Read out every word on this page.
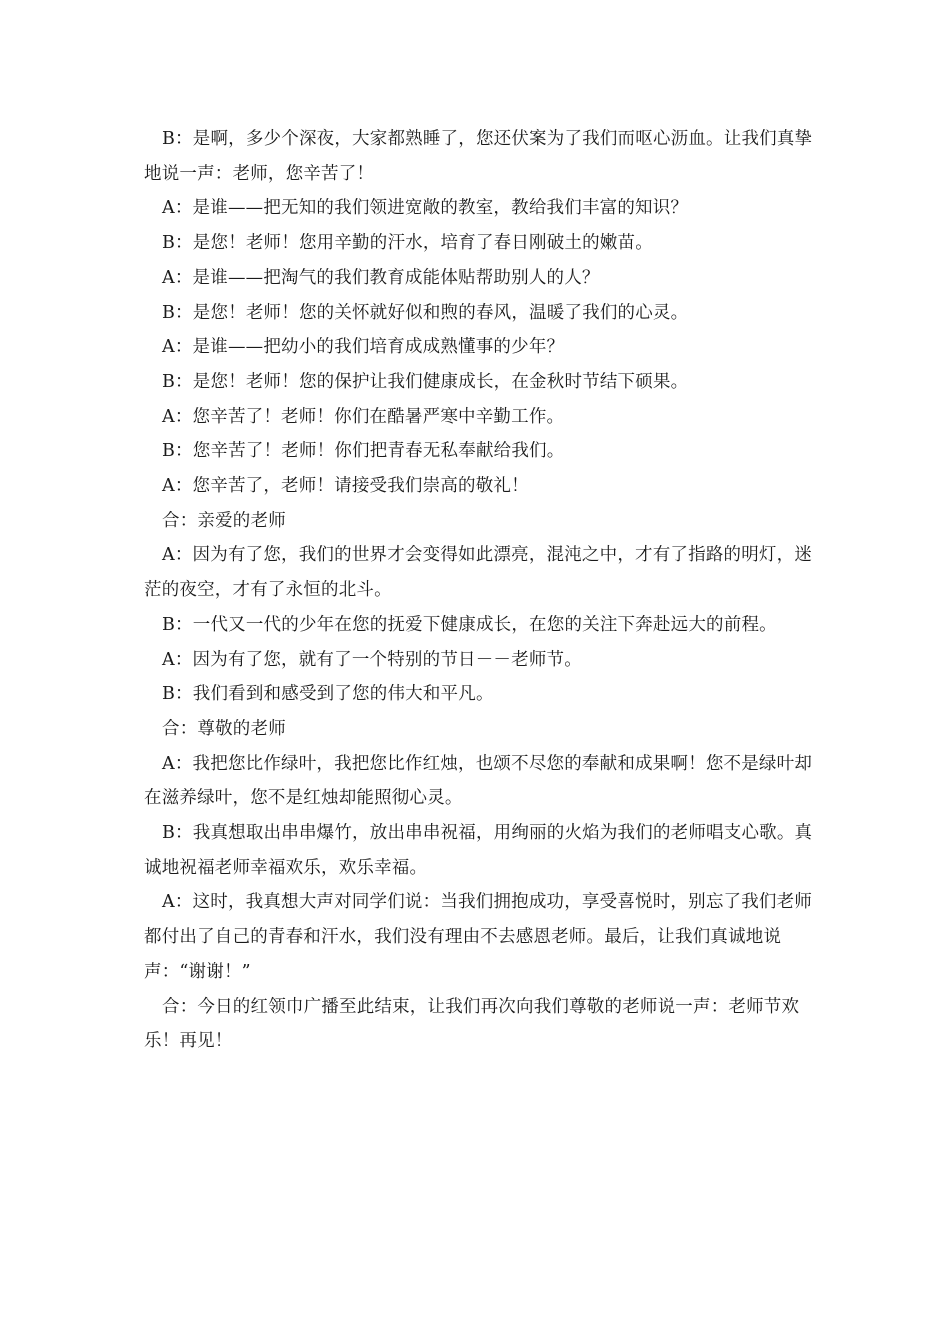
B：是啊，多少个深夜，大家都熟睡了，您还伏案为了我们而呕心沥血。让我们真挚地说一声：老师，您辛苦了！

A：是谁——把无知的我们领进宽敞的教室，教给我们丰富的知识？

B：是您！老师！您用辛勤的汗水，培育了春日刚破土的嫩苗。

A：是谁——把淘气的我们教育成能体贴帮助别人的人？

B：是您！老师！您的关怀就好似和煦的春风，温暖了我们的心灵。

A：是谁——把幼小的我们培育成成熟懂事的少年？

B：是您！老师！您的保护让我们健康成长，在金秋时节结下硕果。

A：您辛苦了！老师！你们在酷暑严寒中辛勤工作。

B：您辛苦了！老师！你们把青春无私奉献给我们。

A：您辛苦了，老师！请接受我们崇高的敬礼！

合：亲爱的老师

A：因为有了您，我们的世界才会变得如此漂亮，混沌之中，才有了指路的明灯，迷茫的夜空，才有了永恒的北斗。

B：一代又一代的少年在您的抚爱下健康成长，在您的关注下奔赴远大的前程。

A：因为有了您，就有了一个特别的节日－－老师节。

B：我们看到和感受到了您的伟大和平凡。

合：尊敬的老师

A：我把您比作绿叶，我把您比作红烛，也颂不尽您的奉献和成果啊！您不是绿叶却在滋养绿叶，您不是红烛却能照彻心灵。

B：我真想取出串串爆竹，放出串串祝福，用绚丽的火焰为我们的老师唱支心歌。真诚地祝福老师幸福欢乐，欢乐幸福。

A：这时，我真想大声对同学们说：当我们拥抱成功，享受喜悦时，别忘了我们老师都付出了自己的青春和汗水，我们没有理由不去感恩老师。最后，让我们真诚地说声：“谢谢！”

合：今日的红领巾广播至此结束，让我们再次向我们尊敬的老师说一声：老师节欢乐！再见！
